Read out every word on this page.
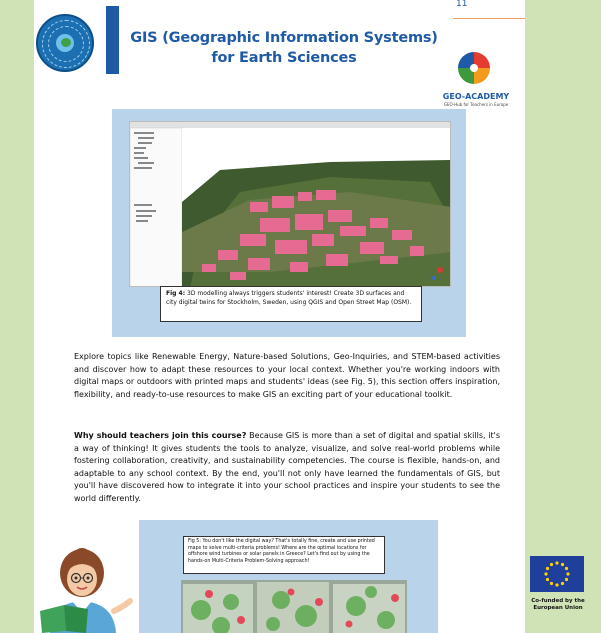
GIS (Geographic Information Systems) for Earth Sciences
11
GEO-ACADEMY
GEO-Hub for Teachers in Europe
Fig 4: 3D modelling always triggers students' interest! Create 3D surfaces and city digital twins for Stockholm, Sweden, using QGIS and Open Street Map (OSM).
Explore topics like Renewable Energy, Nature-based Solutions, Geo-Inquiries, and STEM-based activities and discover how to adapt these resources to your local context. Whether you're working indoors with digital maps or outdoors with printed maps and students' ideas (see Fig. 5), this section offers inspiration, flexibility, and ready-to-use resources to make GIS an exciting part of your educational toolkit.
Why should teachers join this course? Because GIS is more than a set of digital and spatial skills, it's a way of thinking! It gives students the tools to analyze, visualize, and solve real-world problems while fostering collaboration, creativity, and sustainability competencies. The course is flexible, hands-on, and adaptable to any school context. By the end, you'll not only have learned the fundamentals of GIS, but you'll have discovered how to integrate it into your school practices and inspire your students to see the world differently.
Fig 5: You don't like the digital way? That's totally fine, create and use printed maps to solve multi-criteria problems! Where are the optimal locations for offshore wind turbines or solar panels in Greece? Let's find out by using the hands-on Multi-Criteria Problem-Solving approach!
Co-funded by the European Union
